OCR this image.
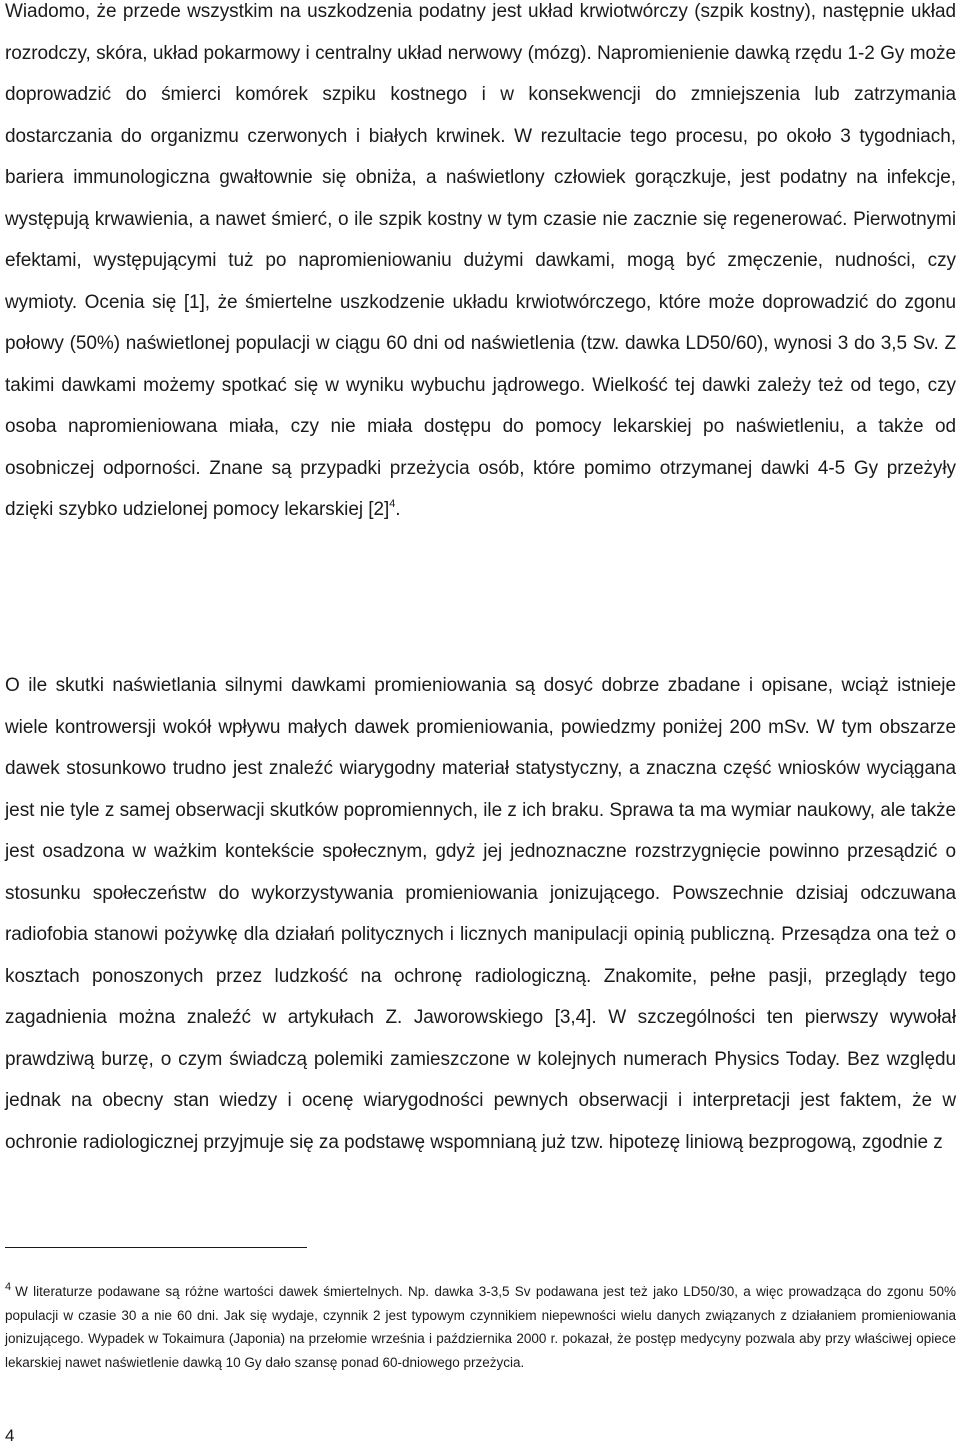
Wiadomo, że przede wszystkim na uszkodzenia podatny jest układ krwiotwórczy (szpik kostny), następnie układ rozrodczy, skóra, układ pokarmowy i centralny układ nerwowy (mózg). Napromienienie dawką rzędu 1-2 Gy może doprowadzić do śmierci komórek szpiku kostnego i w konsekwencji do zmniejszenia lub zatrzymania dostarczania do organizmu czerwonych i białych krwinek. W rezultacie tego procesu, po około 3 tygodniach, bariera immunologiczna gwałtownie się obniża, a naświetlony człowiek gorączkuje, jest podatny na infekcje, występują krwawienia, a nawet śmierć, o ile szpik kostny w tym czasie nie zacznie się regenerować. Pierwotnymi efektami, występującymi tuż po napromieniowaniu dużymi dawkami, mogą być zmęczenie, nudności, czy wymioty. Ocenia się [1], że śmiertelne uszkodzenie układu krwiotwórczego, które może doprowadzić do zgonu połowy (50%) naświetlonej populacji w ciągu 60 dni od naświetlenia (tzw. dawka LD50/60), wynosi 3 do 3,5 Sv. Z takimi dawkami możemy spotkać się w wyniku wybuchu jądrowego. Wielkość tej dawki zależy też od tego, czy osoba napromieniowana miała, czy nie miała dostępu do pomocy lekarskiej po naświetleniu, a także od osobniczej odporności. Znane są przypadki przeżycia osób, które pomimo otrzymanej dawki 4-5 Gy przeżyły dzięki szybko udzielonej pomocy lekarskiej $[2]^4$.

O ile skutki naświetlania silnymi dawkami promieniowania są dosyć dobrze zbadane i opisane, wciąż istnieje wiele kontrowersji wokół wpływu małych dawek promieniowania, powiedzmy poniżej 200 mSv. W tym obszarze dawek stosunkowo trudno jest znaleźć wiarygodny materiał statystyczny, a znaczna część wniosków wyciągana jest nie tyle z samej obserwacji skutków popromiennych, ile z ich braku. Sprawa ta ma wymiar naukowy, ale także jest osadzona w ważkim kontekście społecznym, gdyż jej jednoznaczne rozstrzygnięcie powinno przesądzić o stosunku społeczeństw do wykorzystywania promieniowania jonizującego. Powszechnie dzisiaj odczuwana radiofobia stanowi pożywkę dla działań politycznych i licznych manipulacji opinią publiczną. Przesądza ona też o kosztach ponoszonych przez ludzkość na ochronę radiologiczną. Znakomite, pełne pasji, przeglądy tego zagadnienia można znaleźć w artykułach Z. Jaworowskiego [3,4]. W szczególności ten pierwszy wywołał prawdziwą burzę, o czym świadczą polemiki zamieszczone w kolejnych numerach Physics Today. Bez względu jednak na obecny stan wiedzy i ocenę wiarygodności pewnych obserwacji i interpretacji jest faktem, że w ochronie radiologicznej przyjmuje się za podstawę wspomnianą już tzw. hipotezę liniową bezprogową, zgodnie z

$^4$ W literaturze podawane są różne wartości dawek śmiertelnych. Np. dawka 3-3,5 Sv podawana jest też jako LD50/30, a więc prowadząca do zgonu 50% populacji w czasie 30 a nie 60 dni. Jak się wydaje, czynnik 2 jest typowym czynnikiem niepewności wielu danych związanych z działaniem promieniowania jonizującego. Wypadek w Tokaimura (Japonia) na przełomie września i października 2000 r. pokazał, że postęp medycyny pozwala aby przy właściwej opiece lekarskiej nawet naświetlenie dawką 10 Gy dało szansę ponad 60-dniowego przeżycia.

4
